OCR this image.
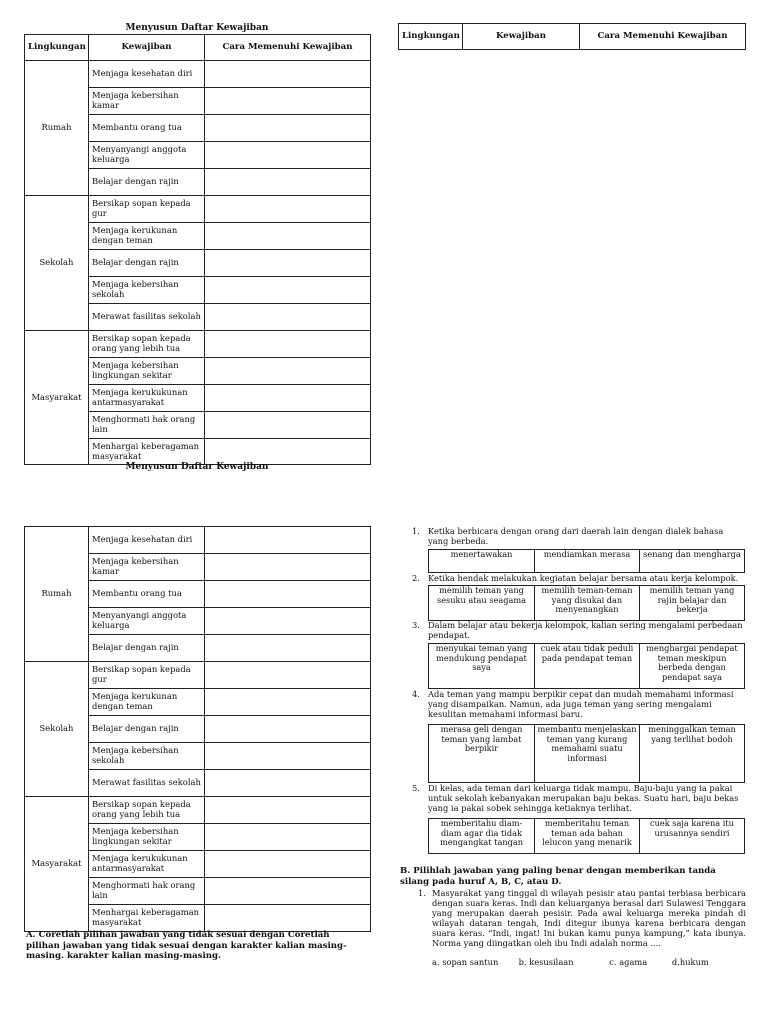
Menyusun Daftar Kewajiban
Lingkungan	Kewajiban	Cara Memenuhi Kewajiban
Rumah	Menjaga kesehatan diri	
	Menjaga kebersihan kamar	
	Membantu orang tua	
	Menyanyangi anggota keluarga	
	Belajar dengan rajin	
Sekolah	Bersikap sopan kepada gur	
	Menjaga kerukunan dengan teman	
	Belajar dengan rajin	
	Menjaga kebersihan sekolah	
	Merawat fasilitas sekolah	
Masyarakat	Bersikap sopan kepada orang yang lebih tua	
	Menjaga kebersihan lingkungan sekitar	
	Menjaga kerukukunan antarmasyarakat	
	Menghormati hak orang lain	
	Menhargai keberagaman masyarakat	
Menyusun Daftar Kewajiban
Lingkungan	Kewajiban	Cara Memenuhi Kewajiban
Rumah	Menjaga kesehatan diri	
	Menjaga kebersihan kamar	
	Membantu orang tua	
	Menyanyangi anggota keluarga	
	Belajar dengan rajin	
Sekolah	Bersikap sopan kepada gur	
	Menjaga kerukunan dengan teman	
	Belajar dengan rajin	
	Menjaga kebersihan sekolah	
	Merawat fasilitas sekolah	
Masyarakat	Bersikap sopan kepada orang yang lebih tua	
	Menjaga kebersihan lingkungan sekitar	
	Menjaga kerukukunan antarmasyarakat	
	Menghormati hak orang lain	
	Menhargai keberagaman masyarakat	
A. Coretlah pilihan jawaban yang tidak sesuai dengan Coretlah pilihan jawaban yang tidak sesuai dengan karakter kalian masing-masing. karakter kalian masing-masing.
1. Ketika berbicara dengan orang dari daerah lain dengan dialek bahasa yang berbeda.
menertawakan	mendiamkan merasa	senang dan mengharga
2. Ketika hendak melakukan kegiatan belajar bersama atau kerja kelompok.
memilih teman yang sesuku atau seagama	memilih teman-teman yang disukai dan menyenangkan	memilih teman yang rajin belajar dan bekerja
3. Dalam belajar atau bekerja kelompok, kalian sering mengalami perbedaan pendapat.
menyukai teman yang mendukung pendapat saya	cuek atau tidak peduli pada pendapat teman	menghargai pendapat teman meskipun berbeda dengan pendapat saya
4. Ada teman yang mampu berpikir cepat dan mudah memahami informasi yang disampaikan. Namun, ada juga teman yang sering mengalami kesulitan memahami informasi baru.
merasa geli dengan teman yang lambat berpikir	membantu menjelaskan teman yang kurang memahami suatu informasi	meninggalkan teman yang terlihat bodoh
5. Di kelas, ada teman dari keluarga tidak mampu. Baju-baju yang ia pakai untuk sekolah kebanyakan merupakan baju bekas. Suatu hari, baju bekas yang ia pakai sobek sehingga ketiaknya terlihat.
memberitahu diam-diam agar dia tidak mengangkat tangan	memberitahu teman teman ada bahan lelucon yang menarik	cuek saja karena itu urusannya sendiri
B. Pilihlah jawaban yang paling benar dengan memberikan tanda silang pada huruf A, B, C, atau D.
1. Masyarakat yang tinggal di wilayah pesisir atau pantai terbiasa berbicara dengan suara keras. Indi dan keluarganya berasal dari Sulawesi Tenggara yang merupakan daerah pesisir. Pada awal keluarga mereka pindah di wilayah dataran tengah, Indi ditegur ibunya karena berbicara dengan suara keras. “Indi, ingat! Ini bukan kamu punya kampung,” kata ibunya. Norma yang diingatkan oleh ibu Indi adalah norma ....
a. sopan santun b. kesusilaan	c. agama	d.hukum
